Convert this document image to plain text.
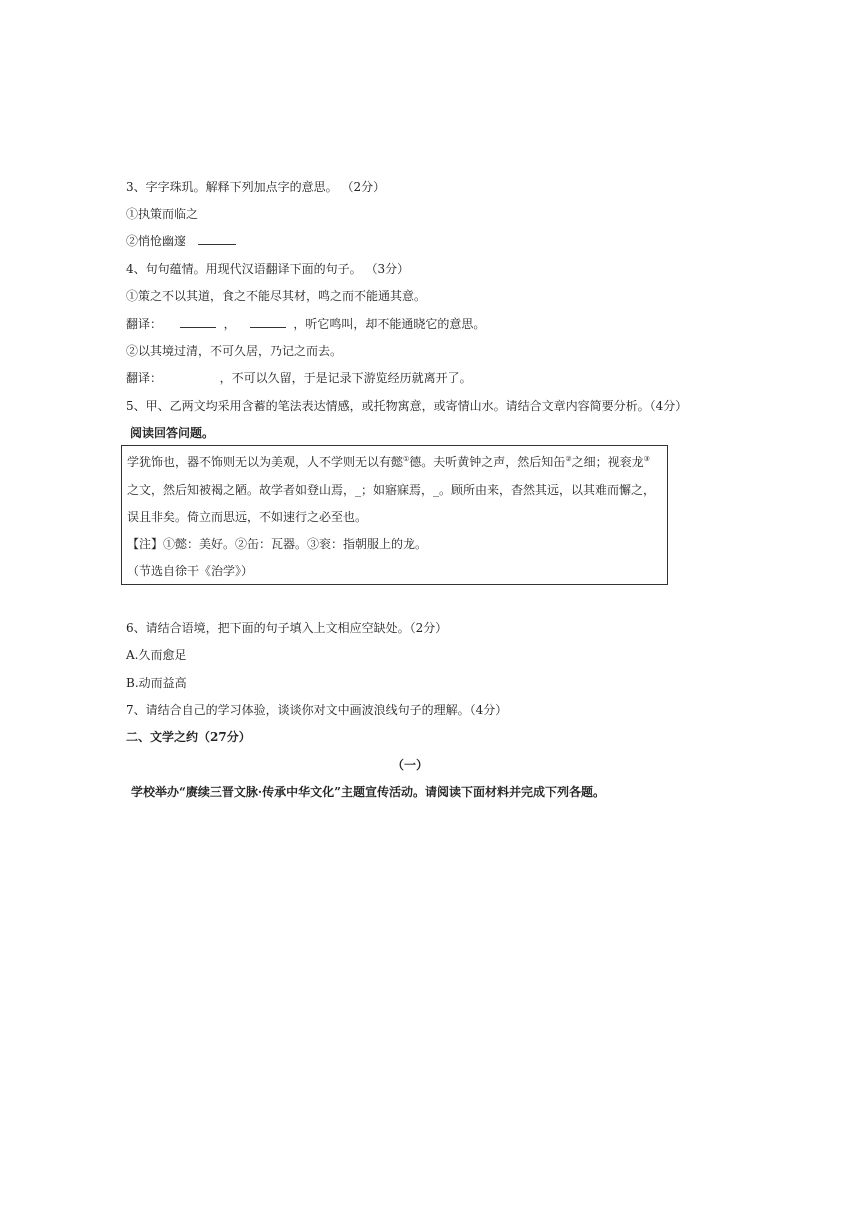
3、字字珠玑。解释下列加点字的意思。 （2分）
①执策而临之
②悄怆幽邃
4、句句蕴情。用现代汉语翻译下面的句子。 （3分）
①策之不以其道，食之不能尽其材，鸣之而不能通其意。
翻译：	，	，听它鸣叫，却不能通晓它的意思。
②以其境过清，不可久居，乃记之而去。
翻译：	，不可以久留，于是记录下游览经历就离开了。
5、甲、乙两文均采用含蓄的笔法表达情感，或托物寓意，或寄情山水。请结合文章内容简要分析。（4分）
阅读回答问题。
学犹饰也，器不饰则无以为美观，人不学则无以有懿①德。夫听黄钟之声，然后知缶②之细；视衮龙③
之文，然后知被褐之陋。故学者如登山焉，_；如寤寐焉，_。顾所由来，杳然其远，以其难而懈之，
误且非矣。倚立而思远，不如速行之必至也。
【注】①懿：美好。②缶：瓦器。③衮：指朝服上的龙。
（节选自徐干《治学》）
6、请结合语境，把下面的句子填入上文相应空缺处。（2分）
A.久而愈足
B.动而益高
7、请结合自己的学习体验，谈谈你对文中画波浪线句子的理解。（4分）
二、文学之约（27分）
（一）
学校举办“赓续三晋文脉·传承中华文化”主题宣传活动。请阅读下面材料并完成下列各题。
